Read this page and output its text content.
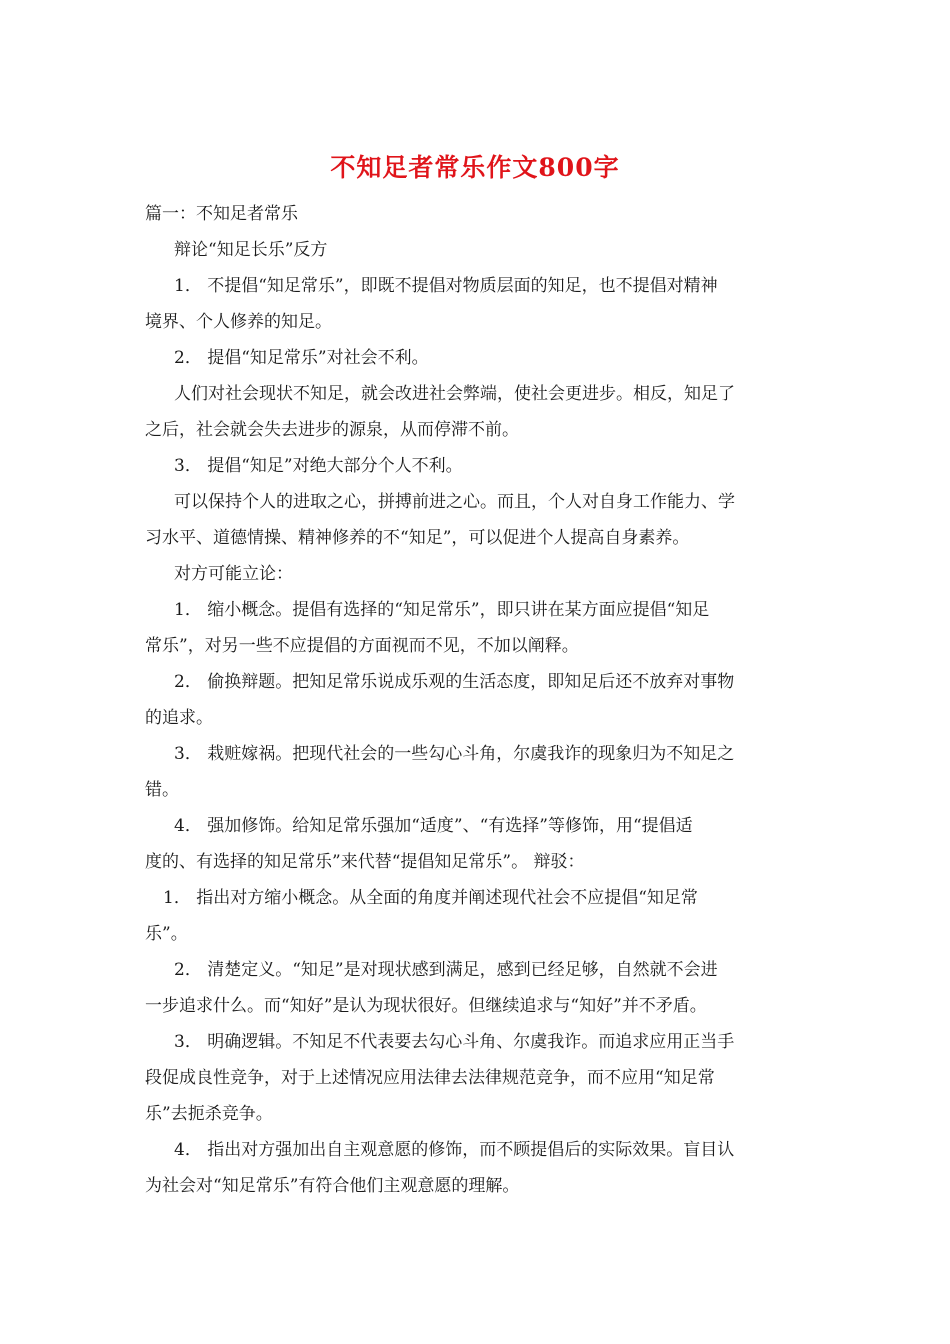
不知足者常乐作文800字

篇一：不知足者常乐

辩论“知足长乐”反方

1． 不提倡“知足常乐”，即既不提倡对物质层面的知足，也不提倡对精神

境界、个人修养的知足。

2． 提倡“知足常乐”对社会不利。

人们对社会现状不知足，就会改进社会弊端，使社会更进步。相反，知足了

之后，社会就会失去进步的源泉，从而停滞不前。

3． 提倡“知足”对绝大部分个人不利。

可以保持个人的进取之心，拼搏前进之心。而且，个人对自身工作能力、学

习水平、道德情操、精神修养的不“知足”，可以促进个人提高自身素养。

对方可能立论：

1． 缩小概念。提倡有选择的“知足常乐”，即只讲在某方面应提倡“知足

常乐”，对另一些不应提倡的方面视而不见，不加以阐释。

2． 偷换辩题。把知足常乐说成乐观的生活态度，即知足后还不放弃对事物

的追求。

3． 栽赃嫁祸。把现代社会的一些勾心斗角，尔虞我诈的现象归为不知足之

错。

4． 强加修饰。给知足常乐强加“适度”、“有选择”等修饰，用“提倡适

度的、有选择的知足常乐”来代替“提倡知足常乐”。 辩驳：

1． 指出对方缩小概念。从全面的角度并阐述现代社会不应提倡“知足常

乐”。

2． 清楚定义。“知足”是对现状感到满足，感到已经足够，自然就不会进

一步追求什么。而“知好”是认为现状很好。但继续追求与“知好”并不矛盾。

3． 明确逻辑。不知足不代表要去勾心斗角、尔虞我诈。而追求应用正当手

段促成良性竞争，对于上述情况应用法律去法律规范竞争，而不应用“知足常

乐”去扼杀竞争。

4． 指出对方强加出自主观意愿的修饰，而不顾提倡后的实际效果。盲目认

为社会对“知足常乐”有符合他们主观意愿的理解。
